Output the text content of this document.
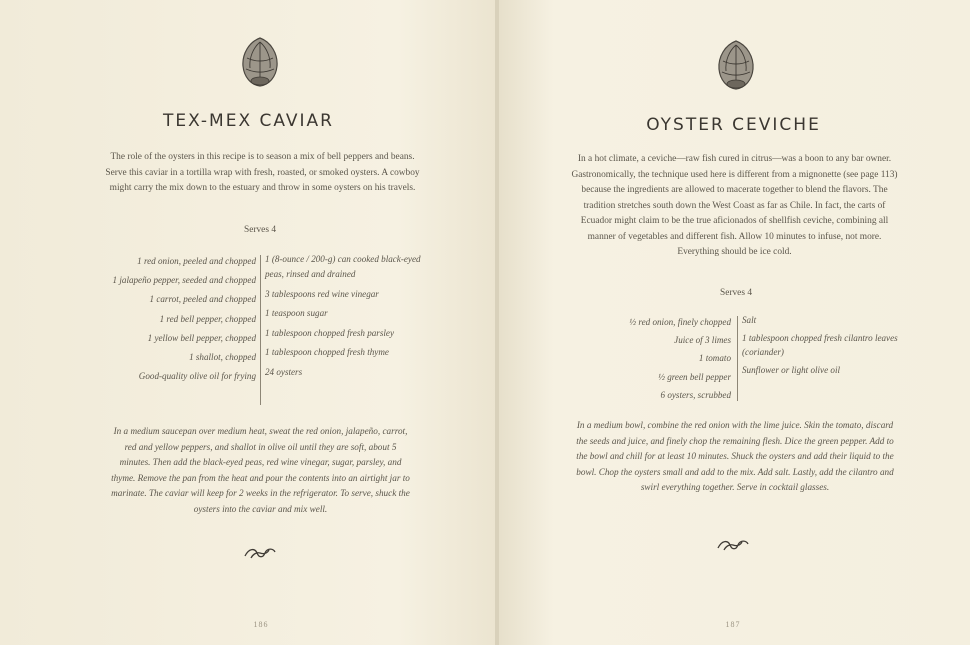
TEX-MEX CAVIAR

The role of the oysters in this recipe is to season a mix of bell peppers and beans. Serve this caviar in a tortilla wrap with fresh, roasted, or smoked oysters. A cowboy might carry the mix down to the estuary and throw in some oysters on his travels.

Serves 4

1 red onion, peeled and chopped

1 jalapeño pepper, seeded and chopped

1 carrot, peeled and chopped

1 red bell pepper, chopped

1 yellow bell pepper, chopped

1 shallot, chopped

Good-quality olive oil for frying

1 (8-ounce / 200-g) can cooked black-eyed peas, rinsed and drained

3 tablespoons red wine vinegar

1 teaspoon sugar

1 tablespoon chopped fresh parsley

1 tablespoon chopped fresh thyme

24 oysters

In a medium saucepan over medium heat, sweat the red onion, jalapeño, carrot, red and yellow peppers, and shallot in olive oil until they are soft, about 5 minutes. Then add the black-eyed peas, red wine vinegar, sugar, parsley, and thyme. Remove the pan from the heat and pour the contents into an airtight jar to marinate. The caviar will keep for 2 weeks in the refrigerator. To serve, shuck the oysters into the caviar and mix well.

186
OYSTER CEVICHE

In a hot climate, a ceviche—raw fish cured in citrus—was a boon to any bar owner. Gastronomically, the technique used here is different from a mignonette (see page 113) because the ingredients are allowed to macerate together to blend the flavors. The tradition stretches south down the West Coast as far as Chile. In fact, the carts of Ecuador might claim to be the true aficionados of shellfish ceviche, combining all manner of vegetables and different fish. Allow 10 minutes to infuse, not more. Everything should be ice cold.

Serves 4

½ red onion, finely chopped

Juice of 3 limes

1 tomato

½ green bell pepper

6 oysters, scrubbed

Salt

1 tablespoon chopped fresh cilantro leaves (coriander)

Sunflower or light olive oil

In a medium bowl, combine the red onion with the lime juice. Skin the tomato, discard the seeds and juice, and finely chop the remaining flesh. Dice the green pepper. Add to the bowl and chill for at least 10 minutes. Shuck the oysters and add their liquid to the bowl. Chop the oysters small and add to the mix. Add salt. Lastly, add the cilantro and swirl everything together. Serve in cocktail glasses.

187
